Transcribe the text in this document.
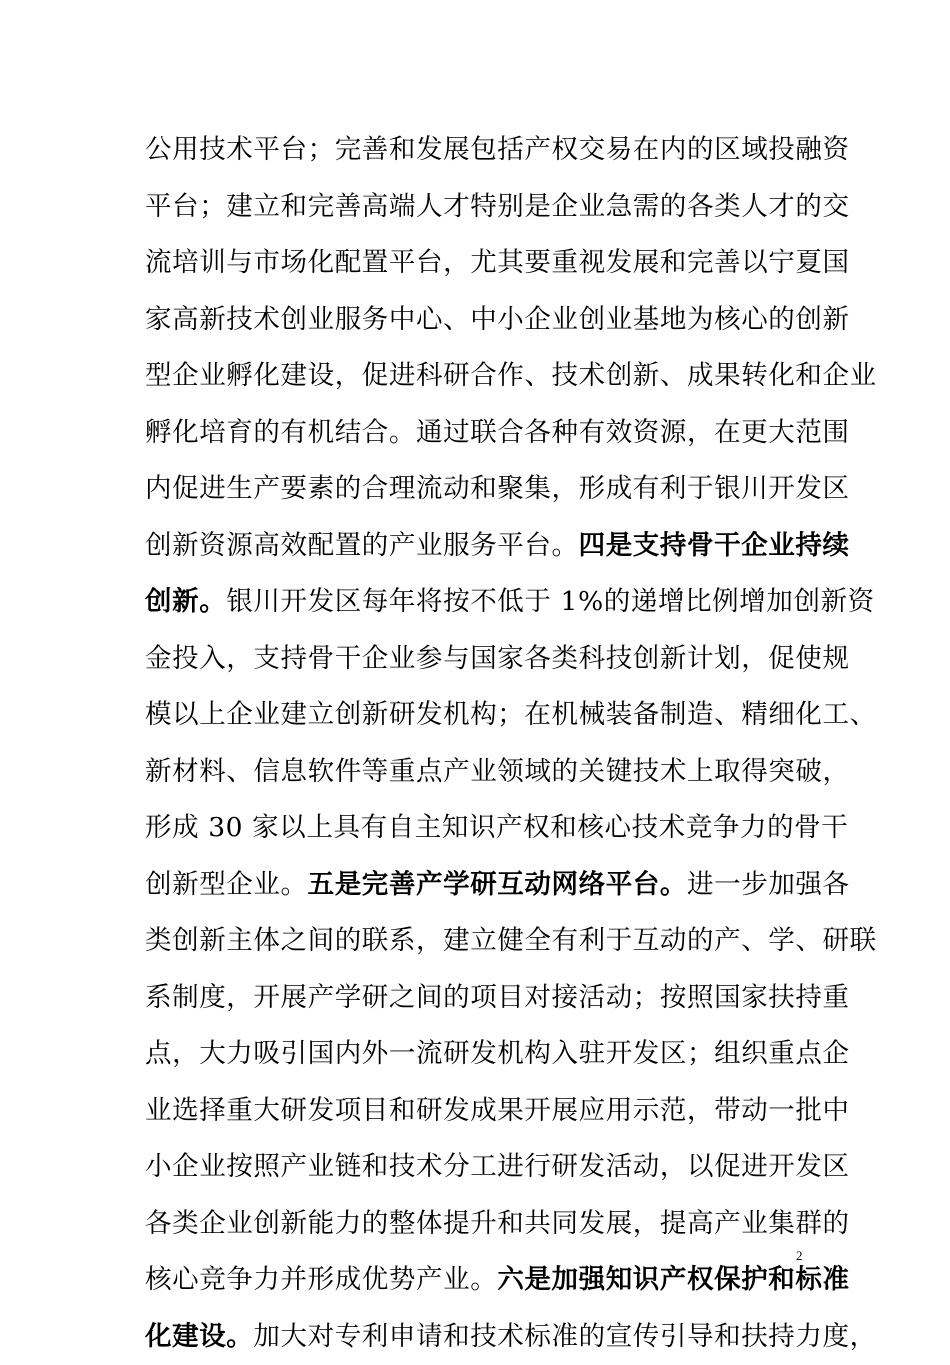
公用技术平台；完善和发展包括产权交易在内的区域投融资
平台；建立和完善高端人才特别是企业急需的各类人才的交
流培训与市场化配置平台，尤其要重视发展和完善以宁夏国
家高新技术创业服务中心、中小企业创业基地为核心的创新
型企业孵化建设，促进科研合作、技术创新、成果转化和企业
孵化培育的有机结合。通过联合各种有效资源，在更大范围
内促进生产要素的合理流动和聚集，形成有利于银川开发区
创新资源高效配置的产业服务平台。四是支持骨干企业持续
创新。银川开发区每年将按不低于 1%的递增比例增加创新资
金投入，支持骨干企业参与国家各类科技创新计划，促使规
模以上企业建立创新研发机构；在机械装备制造、精细化工、
新材料、信息软件等重点产业领域的关键技术上取得突破，
形成 30 家以上具有自主知识产权和核心技术竞争力的骨干
创新型企业。五是完善产学研互动网络平台。进一步加强各
类创新主体之间的联系，建立健全有利于互动的产、学、研联
系制度，开展产学研之间的项目对接活动；按照国家扶持重
点，大力吸引国内外一流研发机构入驻开发区；组织重点企
业选择重大研发项目和研发成果开展应用示范，带动一批中
小企业按照产业链和技术分工进行研发活动，以促进开发区
各类企业创新能力的整体提升和共同发展，提高产业集群的
核心竞争力并形成优势产业。六是加强知识产权保护和标准
化建设。加大对专利申请和技术标准的宣传引导和扶持力度，
2
